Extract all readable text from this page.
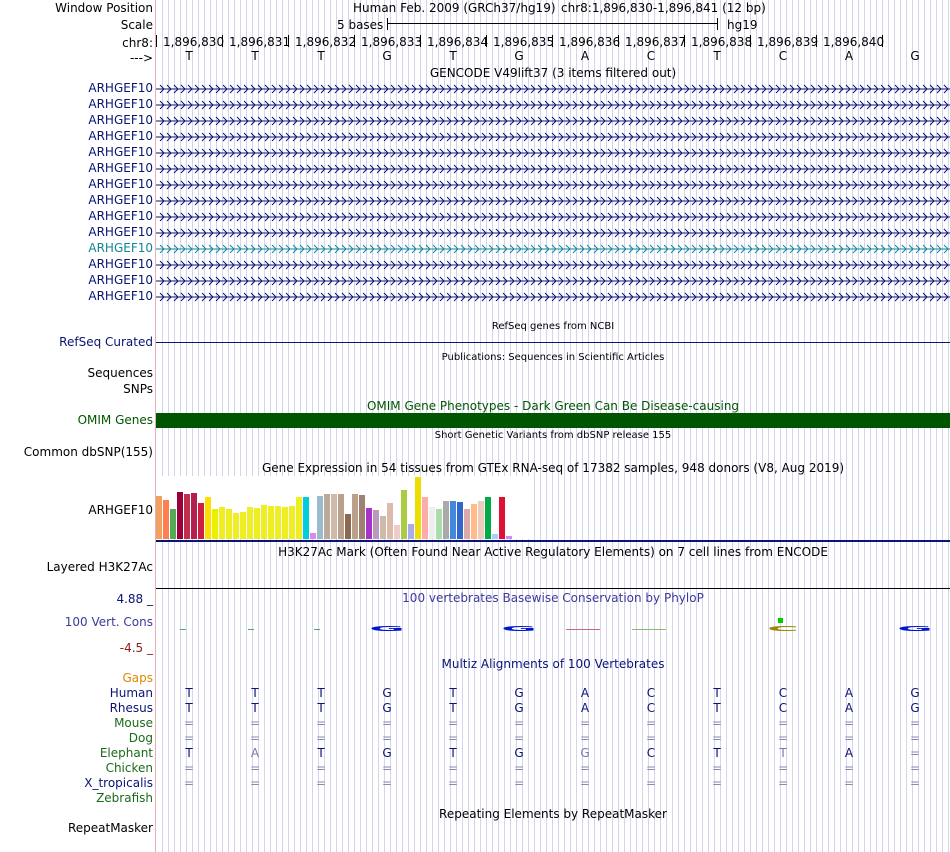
Window Position
Scale
chr8:
--->
Human Feb. 2009 (GRCh37/hg19) chr8:1,896,830-1,896,841 (12 bp)
5 bases	hg19
1,896,830 1,896,831 1,896,832 1,896,833 1,896,834 1,896,835 1,896,836 1,896,837 1,896,838 1,896,839 1,896,840
T	T	T	G	T	G	A	C	T	C	A	G
GENCODE V49lift37 (3 items filtered out)
ARHGEF10
ARHGEF10
ARHGEF10
ARHGEF10
ARHGEF10
ARHGEF10
ARHGEF10
ARHGEF10
ARHGEF10
ARHGEF10
ARHGEF10
ARHGEF10
ARHGEF10
ARHGEF10
RefSeq genes from NCBI
RefSeq Curated
Publications: Sequences in Scientific Articles
Sequences
SNPs
OMIM Gene Phenotypes - Dark Green Can Be Disease-causing
OMIM Genes
Short Genetic Variants from dbSNP release 155
Common dbSNP(155)
Gene Expression in 54 tissues from GTEx RNA-seq of 17382 samples, 948 donors (V8, Aug 2019)
ARHGEF10
H3K27Ac Mark (Often Found Near Active Regulatory Elements) on 7 cell lines from ENCODE
Layered H3K27Ac
100 vertebrates Basewise Conservation by PhyloP
4.88 _
100 Vert. Cons
-4.5 _
G	G	C	G
Multiz Alignments of 100 Vertebrates
Gaps
Human	T	T	T	G	T	G	A	C	T	C	A	G
Rhesus	T	T	T	G	T	G	A	C	T	C	A	G
Mouse	=	=	=	=	=	=	=	=	=	=	=	=
Dog	=	=	=	=	=	=	=	=	=	=	=	=
Elephant	T	A	T	G	T	G	G	C	T	T	A	=
Chicken	=	=	=	=	=	=	=	=	=	=	=	=
X_tropicalis	=	=	=	=	=	=	=	=	=	=	=	=
Zebrafish
Repeating Elements by RepeatMasker
RepeatMasker
